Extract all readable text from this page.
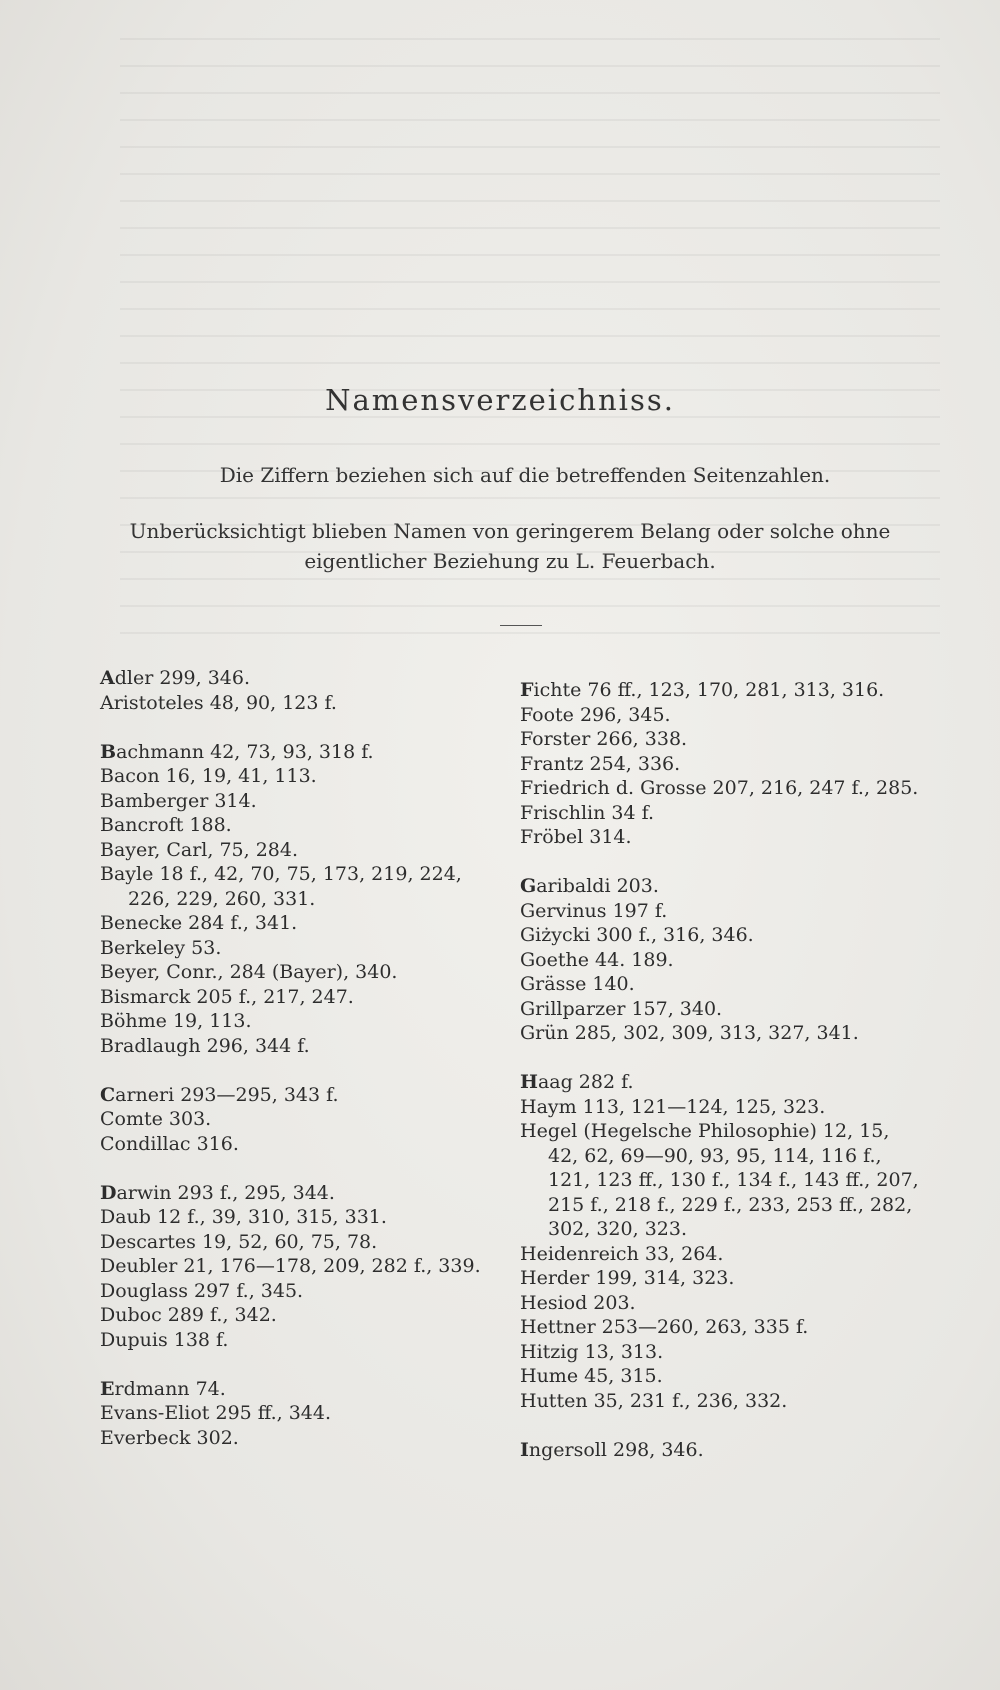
Namensverzeichniss.
Die Ziffern beziehen sich auf die betreffenden Seitenzahlen.
Unberücksichtigt blieben Namen von geringerem Belang oder solche ohne eigentlicher Beziehung zu L. Feuerbach.
Adler 299, 346.
Aristoteles 48, 90, 123 f.
Bachmann 42, 73, 93, 318 f.
Bacon 16, 19, 41, 113.
Bamberger 314.
Bancroft 188.
Bayer, Carl, 75, 284.
Bayle 18 f., 42, 70, 75, 173, 219, 224, 226, 229, 260, 331.
Benecke 284 f., 341.
Berkeley 53.
Beyer, Conr., 284 (Bayer), 340.
Bismarck 205 f., 217, 247.
Böhme 19, 113.
Bradlaugh 296, 344 f.
Carneri 293—295, 343 f.
Comte 303.
Condillac 316.
Darwin 293 f., 295, 344.
Daub 12 f., 39, 310, 315, 331.
Descartes 19, 52, 60, 75, 78.
Deubler 21, 176—178, 209, 282 f., 339.
Douglass 297 f., 345.
Duboc 289 f., 342.
Dupuis 138 f.
Erdmann 74.
Evans-Eliot 295 ff., 344.
Everbeck 302.
Fichte 76 ff., 123, 170, 281, 313, 316.
Foote 296, 345.
Forster 266, 338.
Frantz 254, 336.
Friedrich d. Grosse 207, 216, 247 f., 285.
Frischlin 34 f.
Fröbel 314.
Garibaldi 203.
Gervinus 197 f.
Giżycki 300 f., 316, 346.
Goethe 44. 189.
Grässe 140.
Grillparzer 157, 340.
Grün 285, 302, 309, 313, 327, 341.
Haag 282 f.
Haym 113, 121—124, 125, 323.
Hegel (Hegelsche Philosophie) 12, 15, 42, 62, 69—90, 93, 95, 114, 116 f., 121, 123 ff., 130 f., 134 f., 143 ff., 207, 215 f., 218 f., 229 f., 233, 253 ff., 282, 302, 320, 323.
Heidenreich 33, 264.
Herder 199, 314, 323.
Hesiod 203.
Hettner 253—260, 263, 335 f.
Hitzig 13, 313.
Hume 45, 315.
Hutten 35, 231 f., 236, 332.
Ingersoll 298, 346.
